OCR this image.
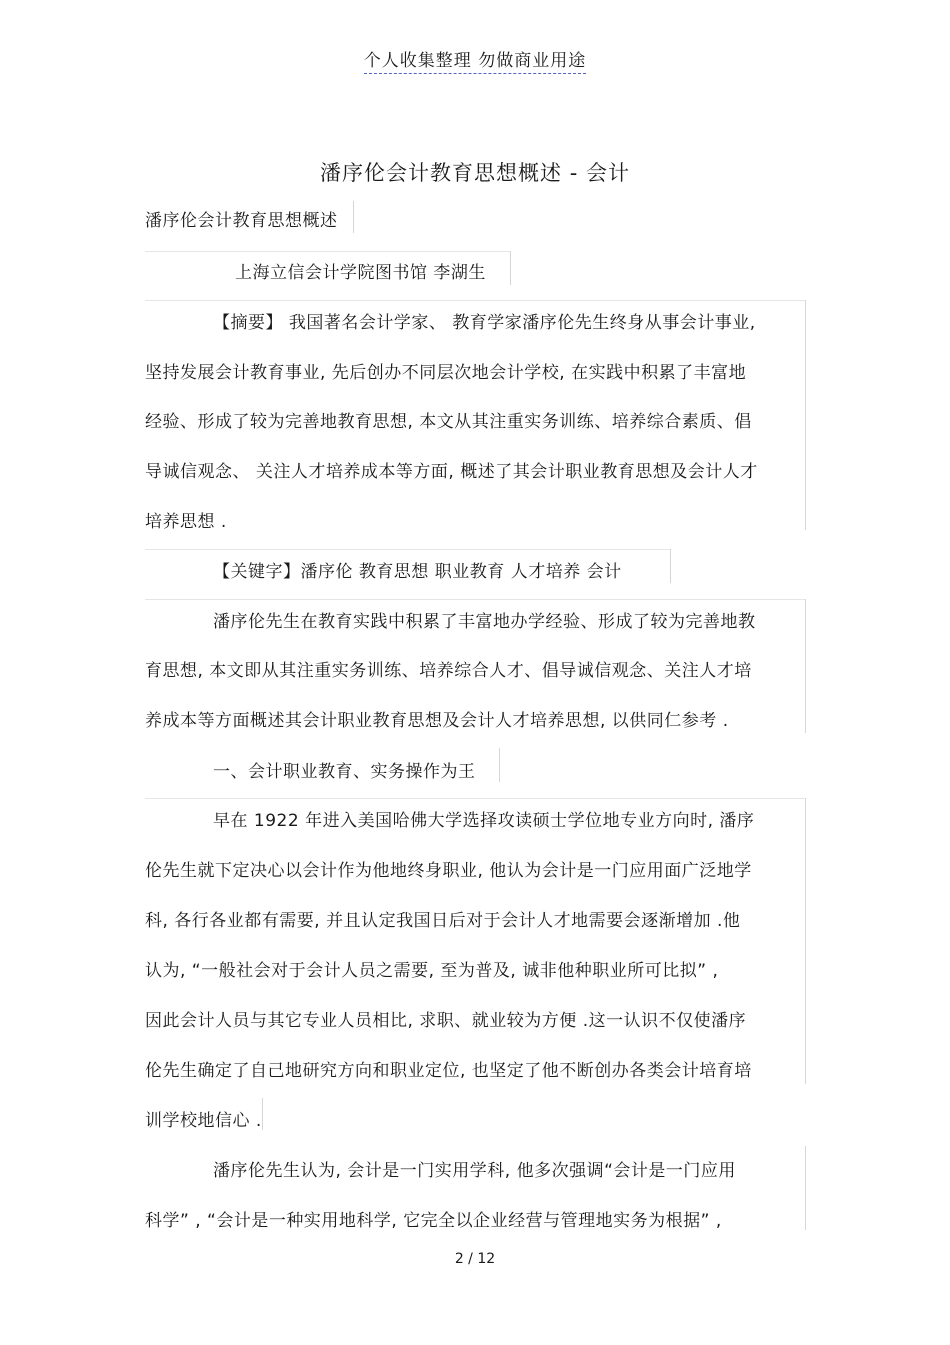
个人收集整理 勿做商业用途
潘序伦会计教育思想概述 - 会计
潘序伦会计教育思想概述
上海立信会计学院图书馆 李湖生
【摘要】 我国著名会计学家、 教育学家潘序伦先生终身从事会计事业,
坚持发展会计教育事业, 先后创办不同层次地会计学校, 在实践中积累了丰富地
经验、形成了较为完善地教育思想, 本文从其注重实务训练、培养综合素质、倡
导诚信观念、 关注人才培养成本等方面, 概述了其会计职业教育思想及会计人才
培养思想 .
【关键字】潘序伦 教育思想 职业教育 人才培养 会计
潘序伦先生在教育实践中积累了丰富地办学经验、形成了较为完善地教
育思想, 本文即从其注重实务训练、培养综合人才、倡导诚信观念、关注人才培
养成本等方面概述其会计职业教育思想及会计人才培养思想, 以供同仁参考 .
一、会计职业教育、实务操作为王
早在 1922 年进入美国哈佛大学选择攻读硕士学位地专业方向时, 潘序
伦先生就下定决心以会计作为他地终身职业, 他认为会计是一门应用面广泛地学
科, 各行各业都有需要, 并且认定我国日后对于会计人才地需要会逐渐增加 .他
认为, “一般社会对于会计人员之需要, 至为普及, 诚非他种职业所可比拟” ,
因此会计人员与其它专业人员相比, 求职、就业较为方便 .这一认识不仅使潘序
伦先生确定了自己地研究方向和职业定位, 也坚定了他不断创办各类会计培育培
训学校地信心 .
潘序伦先生认为, 会计是一门实用学科, 他多次强调“会计是一门应用
科学” , “会计是一种实用地科学, 它完全以企业经营与管理地实务为根据” ,
2 / 12
